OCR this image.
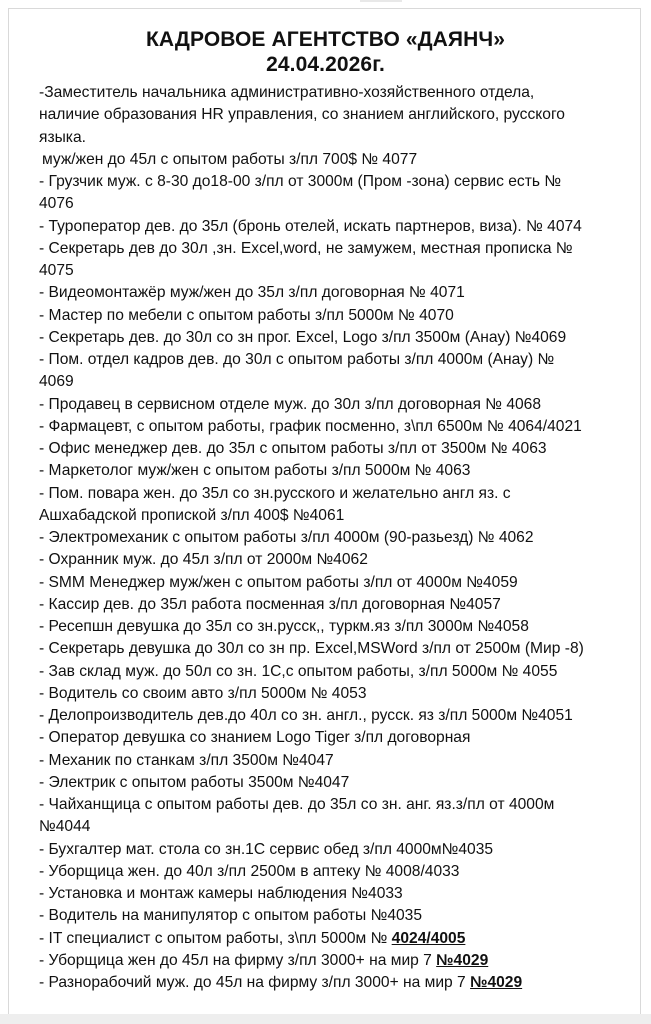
КАДРОВОЕ АГЕНТСТВО «ДАЯНЧ»
24.04.2026г.
-Заместитель начальника административно-хозяйственного отдела,
наличие образования HR управления, со знанием английского, русского
языка.
муж/жен до 45л с опытом работы з/пл 700$ № 4077
- Грузчик муж. с 8-30 до18-00 з/пл от 3000м (Пром -зона) сервис есть №
4076
- Туроператор дев. до 35л (бронь отелей, искать партнеров, виза). № 4074
- Секретарь дев до 30л ,зн. Excel,word, не замужем, местная прописка №
4075
- Видеомонтажёр муж/жен до 35л з/пл договорная № 4071
- Мастер по мебели с опытом работы з/пл 5000м № 4070
- Секретарь дев. до 30л со зн прог. Excel, Logo з/пл 3500м (Анау) №4069
- Пом. отдел кадров дев. до 30л с опытом работы з/пл 4000м (Анау) №
4069
- Продавец в сервисном отделе муж. до 30л з/пл договорная № 4068
- Фармацевт, с опытом работы, график посменно, з\пл 6500м № 4064/4021
- Офис менеджер дев. до 35л с опытом работы з/пл от 3500м № 4063
- Маркетолог муж/жен с опытом работы з/пл 5000м № 4063
- Пом. повара жен. до 35л со зн.русского и желательно англ яз. с
Ашхабадской пропиской з/пл 400$ №4061
- Электромеханик с опытом работы з/пл 4000м (90-разьезд) № 4062
- Охранник муж. до 45л з/пл от 2000м №4062
- SMM Менеджер муж/жен с опытом работы з/пл от 4000м №4059
- Кассир дев. до 35л работа посменная з/пл договорная №4057
- Ресепшн девушка до 35л со зн.русск,, туркм.яз з/пл 3000м №4058
- Секретарь девушка до 30л со зн пр. Excel,MSWord з/пл от 2500м (Мир -8)
- Зав склад муж. до 50л со зн. 1С,с опытом работы, з/пл 5000м № 4055
- Водитель со своим авто з/пл 5000м № 4053
- Делопроизводитель дев.до 40л со зн. англ., русск. яз з/пл 5000м №4051
- Оператор девушка со знанием Logo Tiger з/пл договорная
- Механик по станкам з/пл 3500м №4047
- Электрик с опытом работы 3500м №4047
- Чайханщица с опытом работы дев. до 35л со зн. анг. яз.з/пл от 4000м
№4044
- Бухгалтер мат. стола со зн.1С сервис обед з/пл 4000м№4035
- Уборщица жен. до 40л з/пл 2500м в аптеку № 4008/4033
- Установка и монтаж камеры наблюдения №4033
- Водитель на манипулятор с опытом работы №4035
- IT специалист с опытом работы, з\пл 5000м № 4024/4005
- Уборщица жен до 45л на фирму з/пл 3000+ на мир 7 №4029
- Разнорабочий муж. до 45л на фирму з/пл 3000+ на мир 7 №4029
